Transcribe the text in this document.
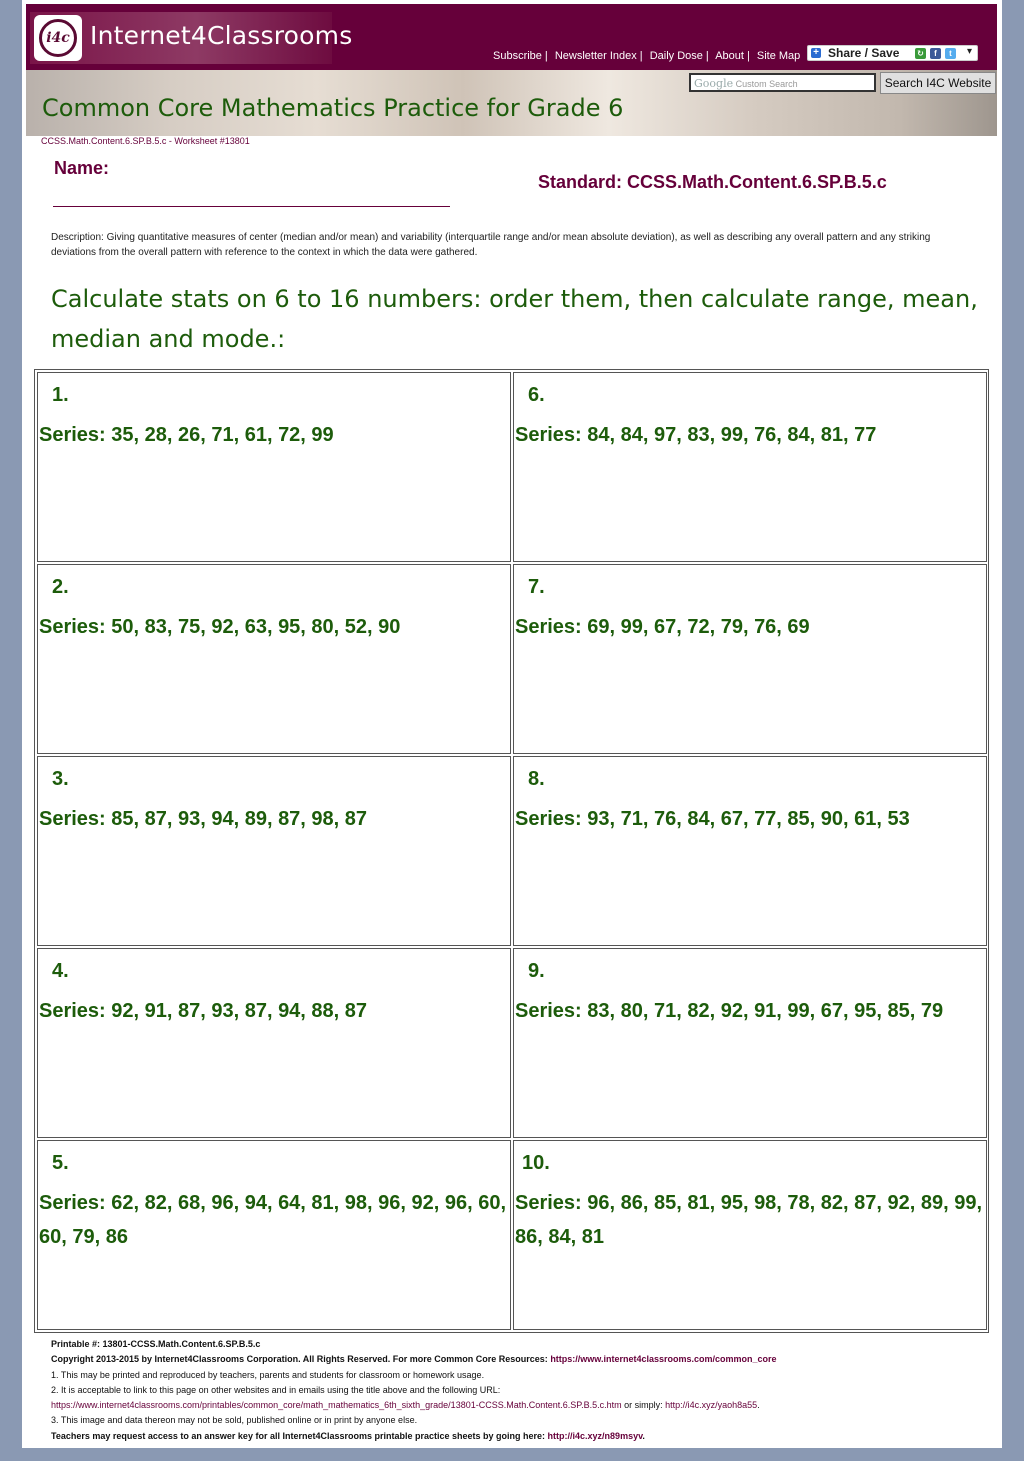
i4c Internet4Classrooms
Subscribe | Newsletter Index | Daily Dose | About | Site Map + Share / Save ↻	f	t	▾
Common Core Mathematics Practice for Grade 6
Google Custom Search	Search I4C Website
CCSS.Math.Content.6.SP.B.5.c - Worksheet #13801
Name:
Standard: CCSS.Math.Content.6.SP.B.5.c
Description: Giving quantitative measures of center (median and/or mean) and variability (interquartile range and/or mean absolute deviation), as well as describing any overall pattern and any striking deviations from the overall pattern with reference to the context in which the data were gathered.
Calculate stats on 6 to 16 numbers: order them, then calculate range, mean, median and mode.:
1.
Series: 35, 28, 26, 71, 61, 72, 99
2.
Series: 50, 83, 75, 92, 63, 95, 80, 52, 90
3.
Series: 85, 87, 93, 94, 89, 87, 98, 87
4.
Series: 92, 91, 87, 93, 87, 94, 88, 87
5.
Series: 62, 82, 68, 96, 94, 64, 81, 98, 96, 92, 96, 60, 60, 79, 86
6.
Series: 84, 84, 97, 83, 99, 76, 84, 81, 77
7.
Series: 69, 99, 67, 72, 79, 76, 69
8.
Series: 93, 71, 76, 84, 67, 77, 85, 90, 61, 53
9.
Series: 83, 80, 71, 82, 92, 91, 99, 67, 95, 85, 79
10.
Series: 96, 86, 85, 81, 95, 98, 78, 82, 87, 92, 89, 99, 86, 84, 81
Printable #: 13801-CCSS.Math.Content.6.SP.B.5.c
Copyright 2013-2015 by Internet4Classrooms Corporation. All Rights Reserved. For more Common Core Resources: https://www.internet4classrooms.com/common_core
1. This may be printed and reproduced by teachers, parents and students for classroom or homework usage.
2. It is acceptable to link to this page on other websites and in emails using the title above and the following URL:
https://www.internet4classrooms.com/printables/common_core/math_mathematics_6th_sixth_grade/13801-CCSS.Math.Content.6.SP.B.5.c.htm or simply: http://i4c.xyz/yaoh8a55.
3. This image and data thereon may not be sold, published online or in print by anyone else.
Teachers may request access to an answer key for all Internet4Classrooms printable practice sheets by going here: http://i4c.xyz/n89msyv.
